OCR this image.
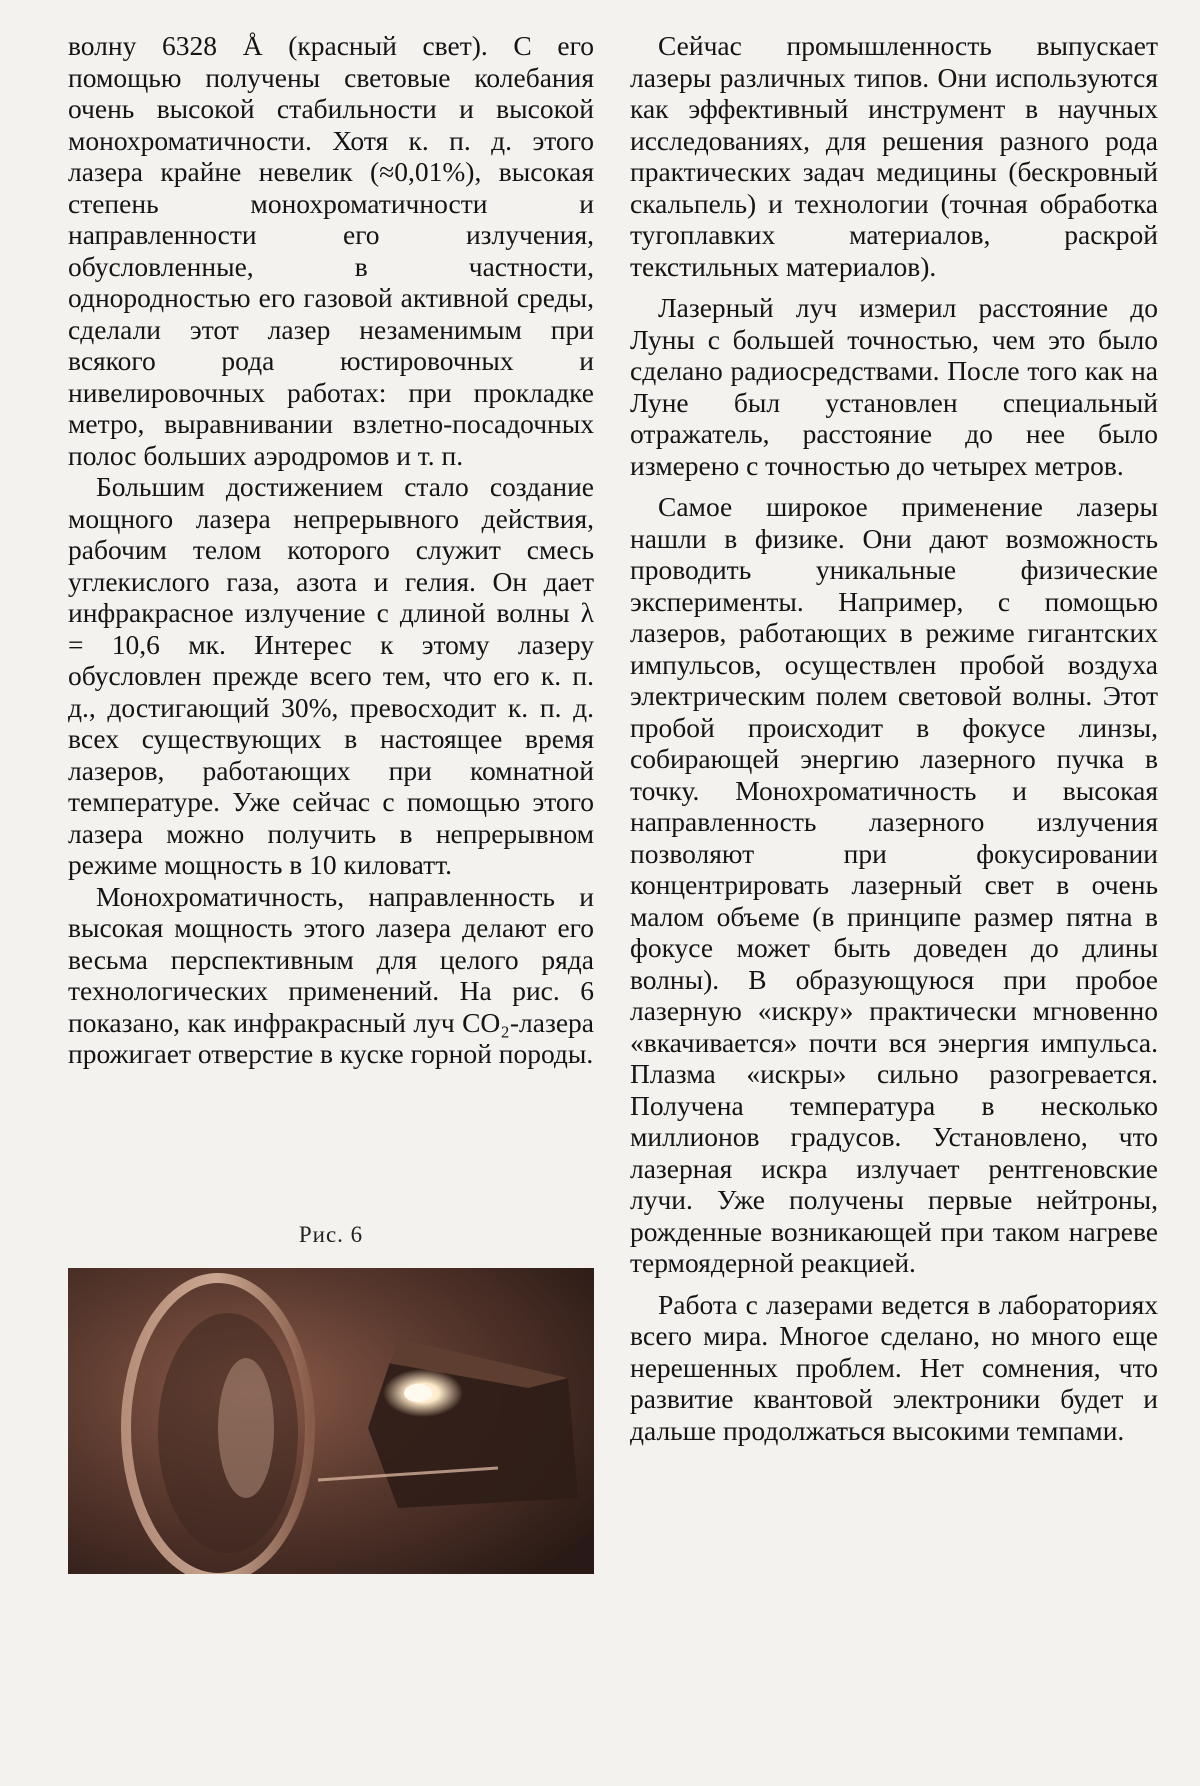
волну 6328 Å (красный свет). С его помощью получены световые колебания очень высокой стабильности и высокой монохроматичности. Хотя к. п. д. этого лазера крайне невелик (≈0,01%), высокая степень монохроматичности и направленности его излучения, обусловленные, в частности, однородностью его газовой активной среды, сделали этот лазер незаменимым при всякого рода юстировочных и нивелировочных работах: при прокладке метро, выравнивании взлетно-посадочных полос больших аэродромов и т. п.

Большим достижением стало создание мощного лазера непрерывного действия, рабочим телом которого служит смесь углекислого газа, азота и гелия. Он дает инфракрасное излучение с длиной волны λ = 10,6 мк. Интерес к этому лазеру обусловлен прежде всего тем, что его к. п. д., достигающий 30%, превосходит к. п. д. всех существующих в настоящее время лазеров, работающих при комнатной температуре. Уже сейчас с помощью этого лазера можно получить в непрерывном режиме мощность в 10 киловатт.

Монохроматичность, направленность и высокая мощность этого лазера делают его весьма перспективным для целого ряда технологических применений. На рис. 6 показано, как инфракрасный луч CO₂-лазера прожигает отверстие в куске горной породы.

Рис. 6

Сейчас промышленность выпускает лазеры различных типов. Они используются как эффективный инструмент в научных исследованиях, для решения разного рода практических задач медицины (бескровный скальпель) и технологии (точная обработка тугоплавких материалов, раскрой текстильных материалов).

Лазерный луч измерил расстояние до Луны с большей точностью, чем это было сделано радиосредствами. После того как на Луне был установлен специальный отражатель, расстояние до нее было измерено с точностью до четырех метров.

Самое широкое применение лазеры нашли в физике. Они дают возможность проводить уникальные физические эксперименты. Например, с помощью лазеров, работающих в режиме гигантских импульсов, осуществлен пробой воздуха электрическим полем световой волны. Этот пробой происходит в фокусе линзы, собирающей энергию лазерного пучка в точку. Монохроматичность и высокая направленность лазерного излучения позволяют при фокусировании концентрировать лазерный свет в очень малом объеме (в принципе размер пятна в фокусе может быть доведен до длины волны). В образующуюся при пробое лазерную «искру» практически мгновенно «вкачивается» почти вся энергия импульса. Плазма «искры» сильно разогревается. Получена температура в несколько миллионов градусов. Установлено, что лазерная искра излучает рентгеновские лучи. Уже получены первые нейтроны, рожденные возникающей при таком нагреве термоядерной реакцией.

Работа с лазерами ведется в лабораториях всего мира. Многое сделано, но много еще нерешенных проблем. Нет сомнения, что развитие квантовой электроники будет и дальше продолжаться высокими темпами.
